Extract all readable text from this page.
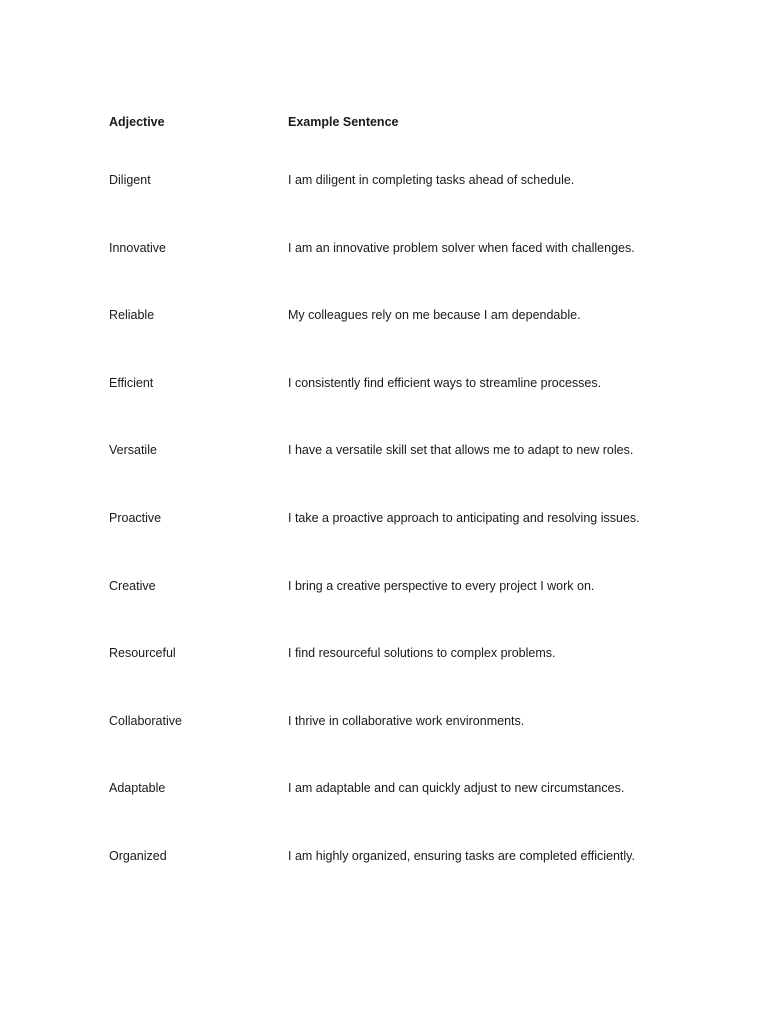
Adjective	Example Sentence
Diligent	I am diligent in completing tasks ahead of schedule.
Innovative	I am an innovative problem solver when faced with challenges.
Reliable	My colleagues rely on me because I am dependable.
Efficient	I consistently find efficient ways to streamline processes.
Versatile	I have a versatile skill set that allows me to adapt to new roles.
Proactive	I take a proactive approach to anticipating and resolving issues.
Creative	I bring a creative perspective to every project I work on.
Resourceful	I find resourceful solutions to complex problems.
Collaborative	I thrive in collaborative work environments.
Adaptable	I am adaptable and can quickly adjust to new circumstances.
Organized	I am highly organized, ensuring tasks are completed efficiently.
